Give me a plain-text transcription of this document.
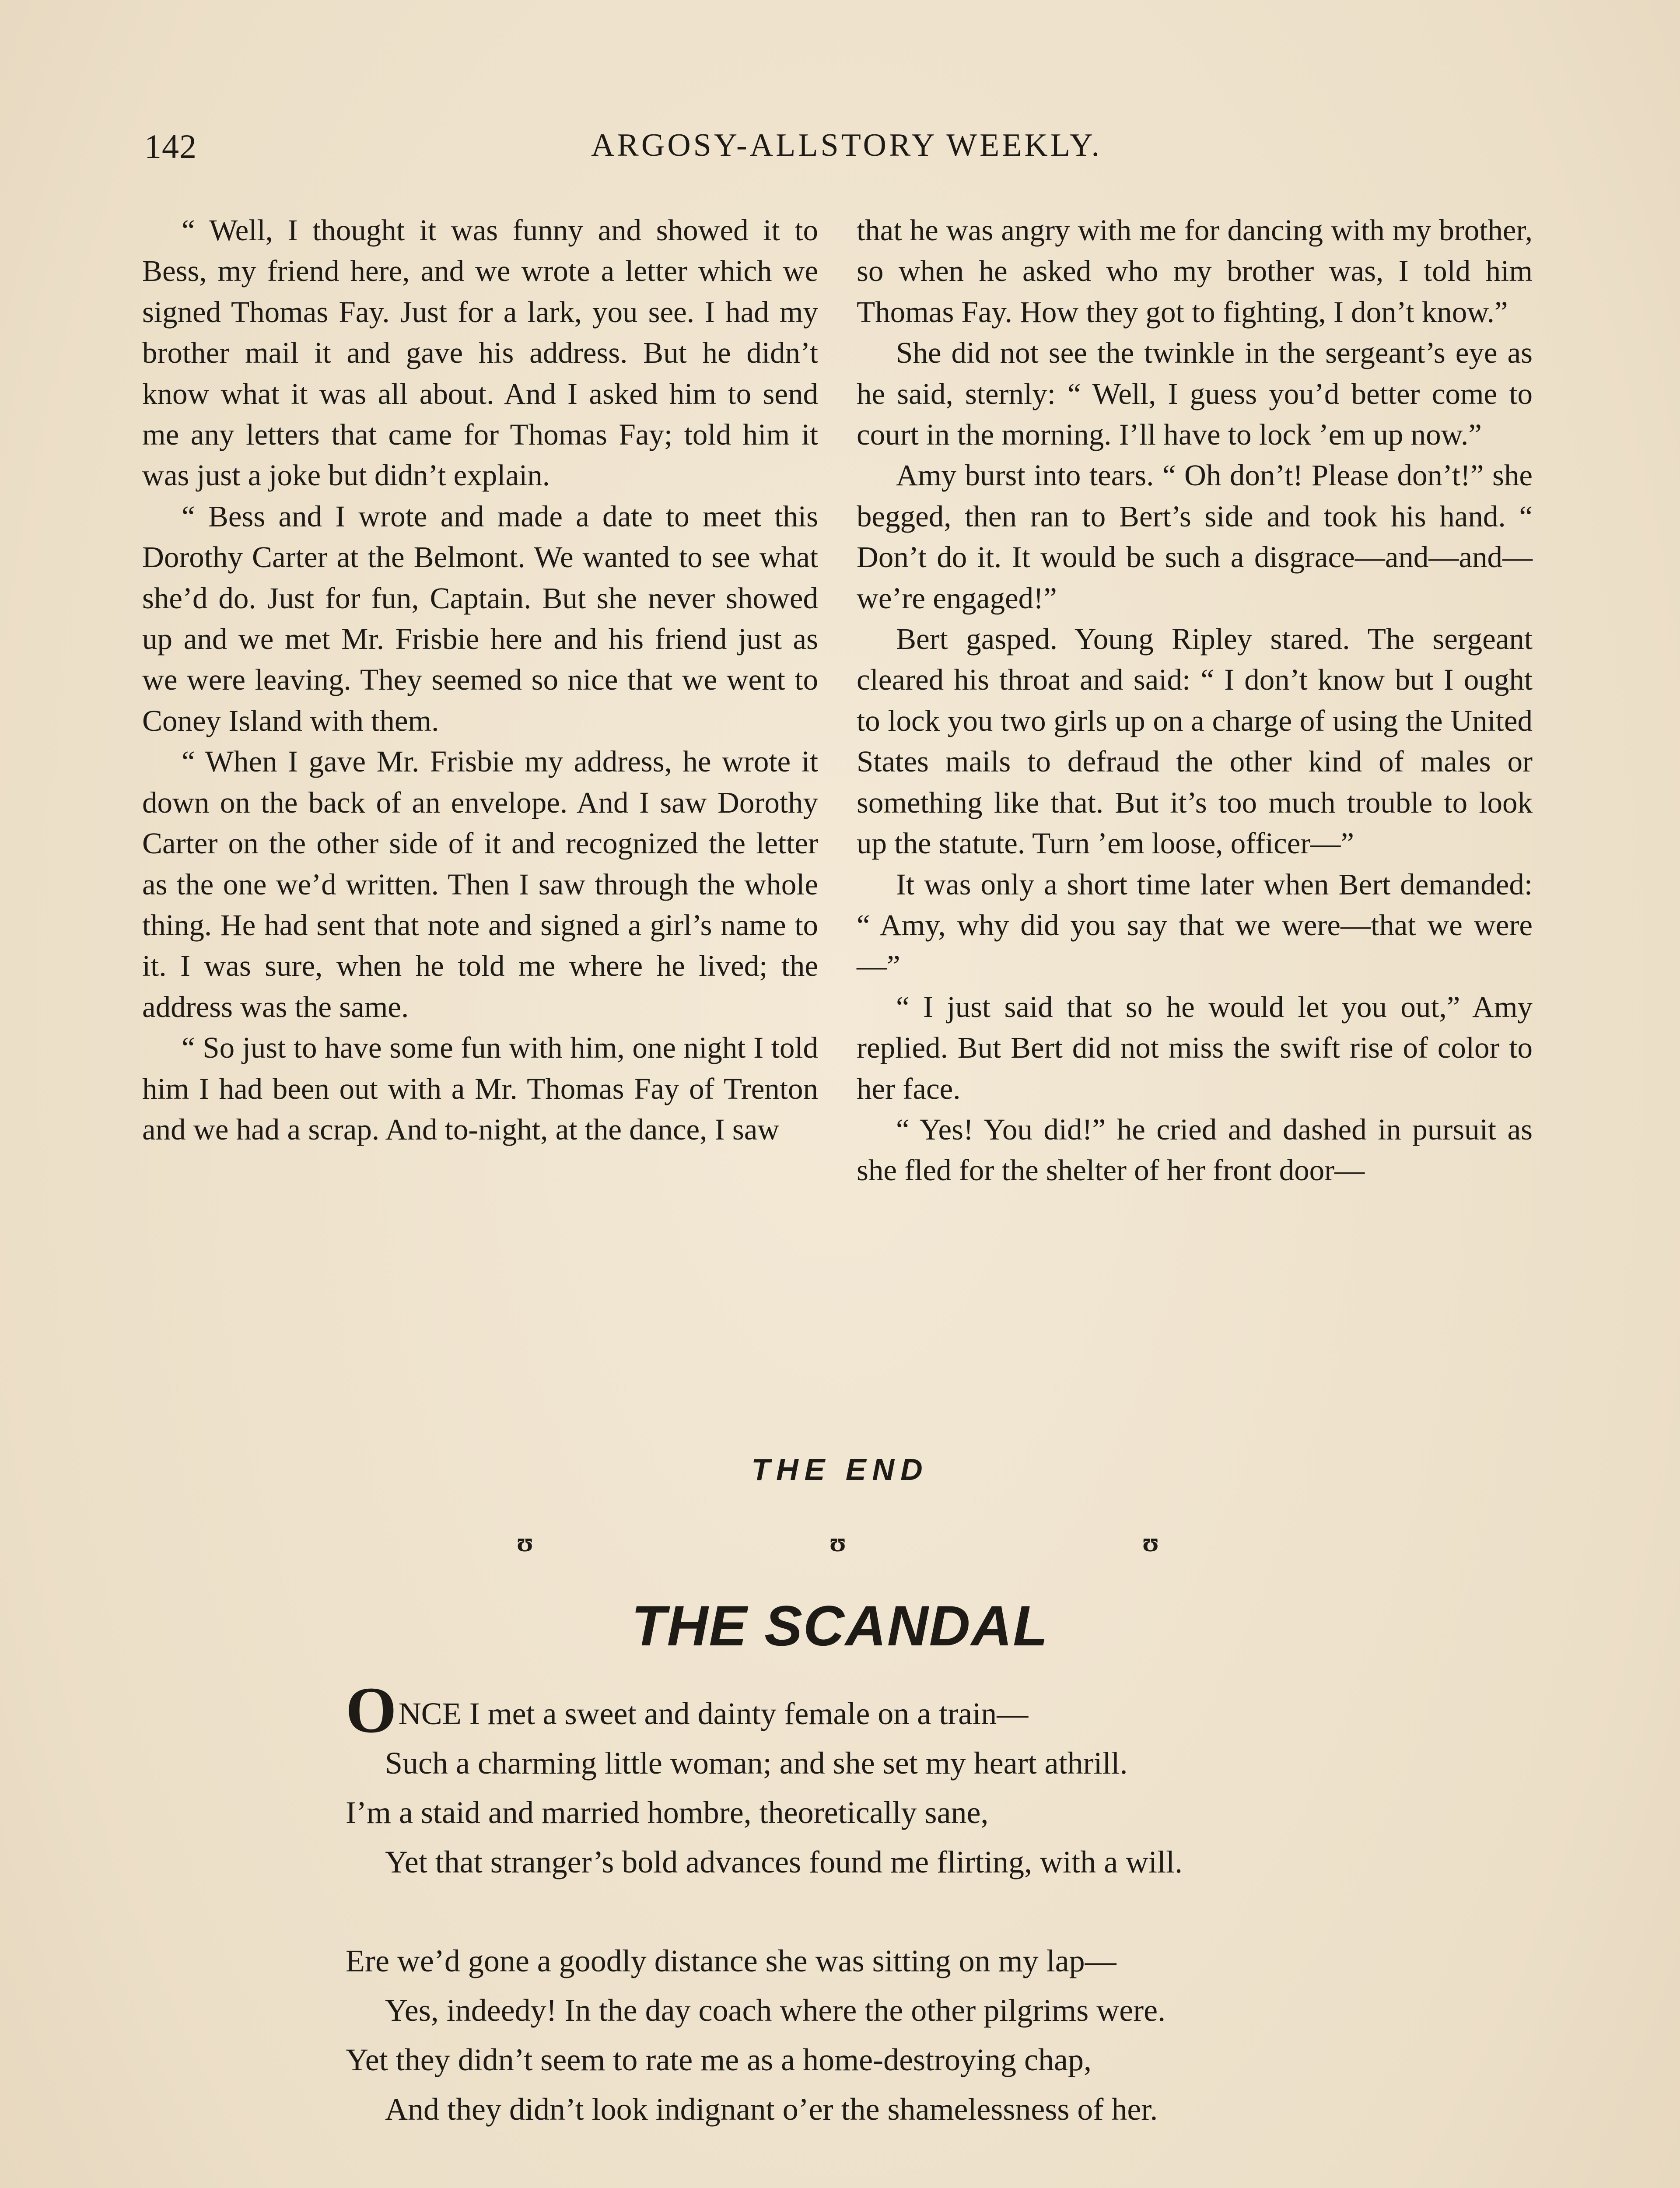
142	ARGOSY-ALLSTORY WEEKLY.

“ Well, I thought it was funny and showed it to Bess, my friend here, and we wrote a letter which we signed Thomas Fay. Just for a lark, you see. I had my brother mail it and gave his address. But he didn’t know what it was all about. And I asked him to send me any letters that came for Thomas Fay; told him it was just a joke but didn’t explain.

“ Bess and I wrote and made a date to meet this Dorothy Carter at the Belmont. We wanted to see what she’d do. Just for fun, Captain. But she never showed up and we met Mr. Frisbie here and his friend just as we were leaving. They seemed so nice that we went to Coney Island with them.

“ When I gave Mr. Frisbie my address, he wrote it down on the back of an envelope. And I saw Dorothy Carter on the other side of it and recognized the letter as the one we’d written. Then I saw through the whole thing. He had sent that note and signed a girl’s name to it. I was sure, when he told me where he lived; the address was the same.

“ So just to have some fun with him, one night I told him I had been out with a Mr. Thomas Fay of Trenton and we had a scrap. And to-night, at the dance, I saw

that he was angry with me for dancing with my brother, so when he asked who my brother was, I told him Thomas Fay. How they got to fighting, I don’t know.”

She did not see the twinkle in the sergeant’s eye as he said, sternly: “ Well, I guess you’d better come to court in the morning. I’ll have to lock ’em up now.”

Amy burst into tears. “ Oh don’t! Please don’t!” she begged, then ran to Bert’s side and took his hand. “ Don’t do it. It would be such a disgrace—and—and—we’re engaged!”

Bert gasped. Young Ripley stared. The sergeant cleared his throat and said: “ I don’t know but I ought to lock you two girls up on a charge of using the United States mails to defraud the other kind of males or something like that. But it’s too much trouble to look up the statute. Turn ’em loose, officer—”

It was only a short time later when Bert demanded: “ Amy, why did you say that we were—that we were—”

“ I just said that so he would let you out,” Amy replied. But Bert did not miss the swift rise of color to her face.

“ Yes! You did!” he cried and dashed in pursuit as she fled for the shelter of her front door—

THE END
ʊ	ʊ	ʊ
THE SCANDAL
ONCE I met a sweet and dainty female on a train—
Such a charming little woman; and she set my heart athrill.
I’m a staid and married hombre, theoretically sane,
Yet that stranger’s bold advances found me flirting, with a will.
Ere we’d gone a goodly distance she was sitting on my lap—
Yes, indeedy! In the day coach where the other pilgrims were.
Yet they didn’t seem to rate me as a home-destroying chap,
And they didn’t look indignant o’er the shamelessness of her.
